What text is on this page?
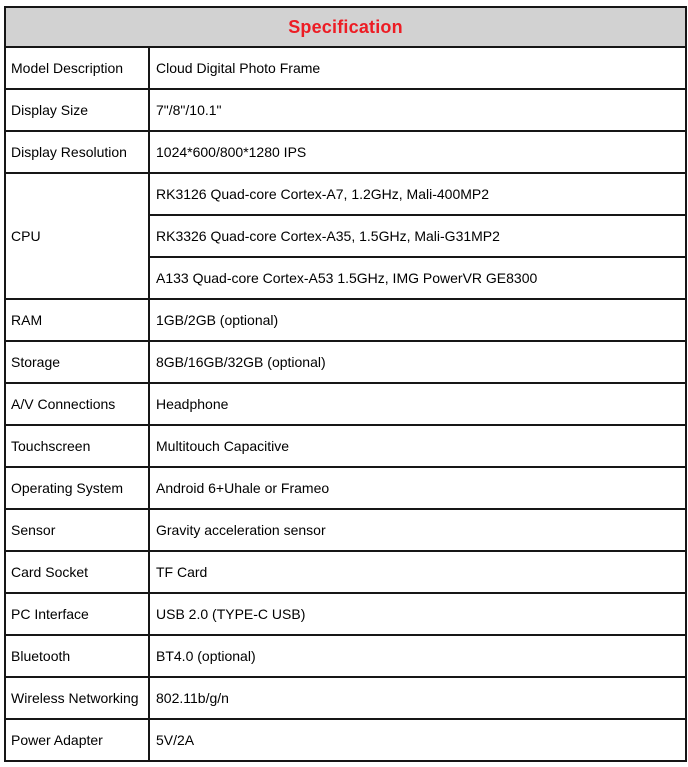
Specification	
Model Description	Cloud Digital Photo Frame
Display Size	7"/8"/10.1"
Display Resolution	1024*600/800*1280 IPS
CPU	RK3126 Quad-core Cortex-A7, 1.2GHz, Mali-400MP2
	RK3326 Quad-core Cortex-A35, 1.5GHz, Mali-G31MP2
	A133 Quad-core Cortex-A53 1.5GHz, IMG PowerVR GE8300
RAM	1GB/2GB (optional)
Storage	8GB/16GB/32GB (optional)
A/V Connections	Headphone
Touchscreen	Multitouch Capacitive
Operating System	Android 6+Uhale or Frameo
Sensor	Gravity acceleration sensor
Card Socket	TF Card
PC Interface	USB 2.0 (TYPE-C USB)
Bluetooth	BT4.0 (optional)
Wireless Networking	802.11b/g/n
Power Adapter	5V/2A
